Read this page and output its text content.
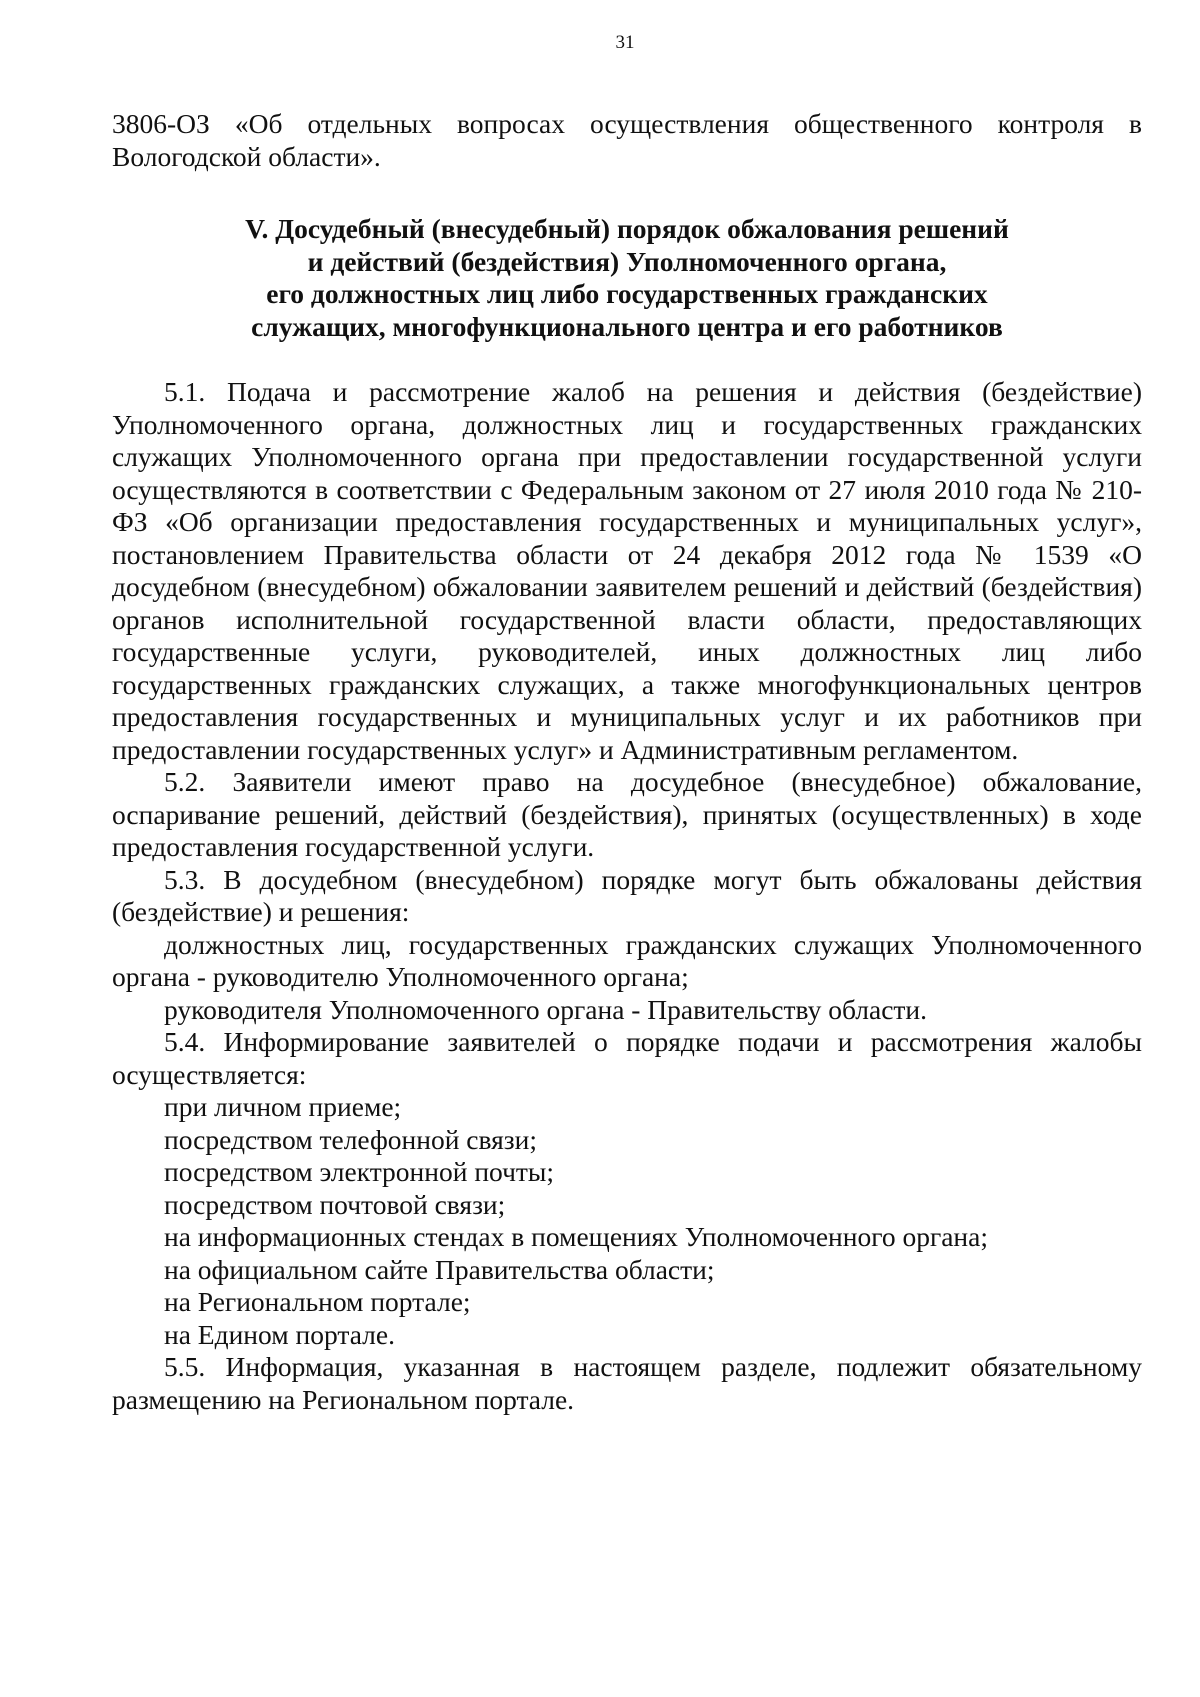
31

3806-ОЗ «Об отдельных вопросах осуществления общественного контроля в Вологодской области».

V. Досудебный (внесудебный) порядок обжалования решений
и действий (бездействия) Уполномоченного органа,
его должностных лиц либо государственных гражданских
служащих, многофункционального центра и его работников

5.1. Подача и рассмотрение жалоб на решения и действия (бездействие) Уполномоченного органа, должностных лиц и государственных гражданских служащих Уполномоченного органа при предоставлении государственной услуги осуществляются в соответствии с Федеральным законом от 27 июля 2010 года № 210-ФЗ «Об организации предоставления государственных и муниципальных услуг», постановлением Правительства области от 24 декабря 2012 года № 1539 «О досудебном (внесудебном) обжаловании заявителем решений и действий (бездействия) органов исполнительной государственной власти области, предоставляющих государственные услуги, руководителей, иных должностных лиц либо государственных гражданских служащих, а также многофункциональных центров предоставления государственных и муниципальных услуг и их работников при предоставлении государственных услуг» и Административным регламентом.

5.2. Заявители имеют право на досудебное (внесудебное) обжалование, оспаривание решений, действий (бездействия), принятых (осуществленных) в ходе предоставления государственной услуги.

5.3. В досудебном (внесудебном) порядке могут быть обжалованы действия (бездействие) и решения:

должностных лиц, государственных гражданских служащих Уполномоченного органа - руководителю Уполномоченного органа;

руководителя Уполномоченного органа - Правительству области.

5.4. Информирование заявителей о порядке подачи и рассмотрения жалобы осуществляется:

при личном приеме;

посредством телефонной связи;

посредством электронной почты;

посредством почтовой связи;

на информационных стендах в помещениях Уполномоченного органа;

на официальном сайте Правительства области;

на Региональном портале;

на Едином портале.

5.5. Информация, указанная в настоящем разделе, подлежит обязательному размещению на Региональном портале.
